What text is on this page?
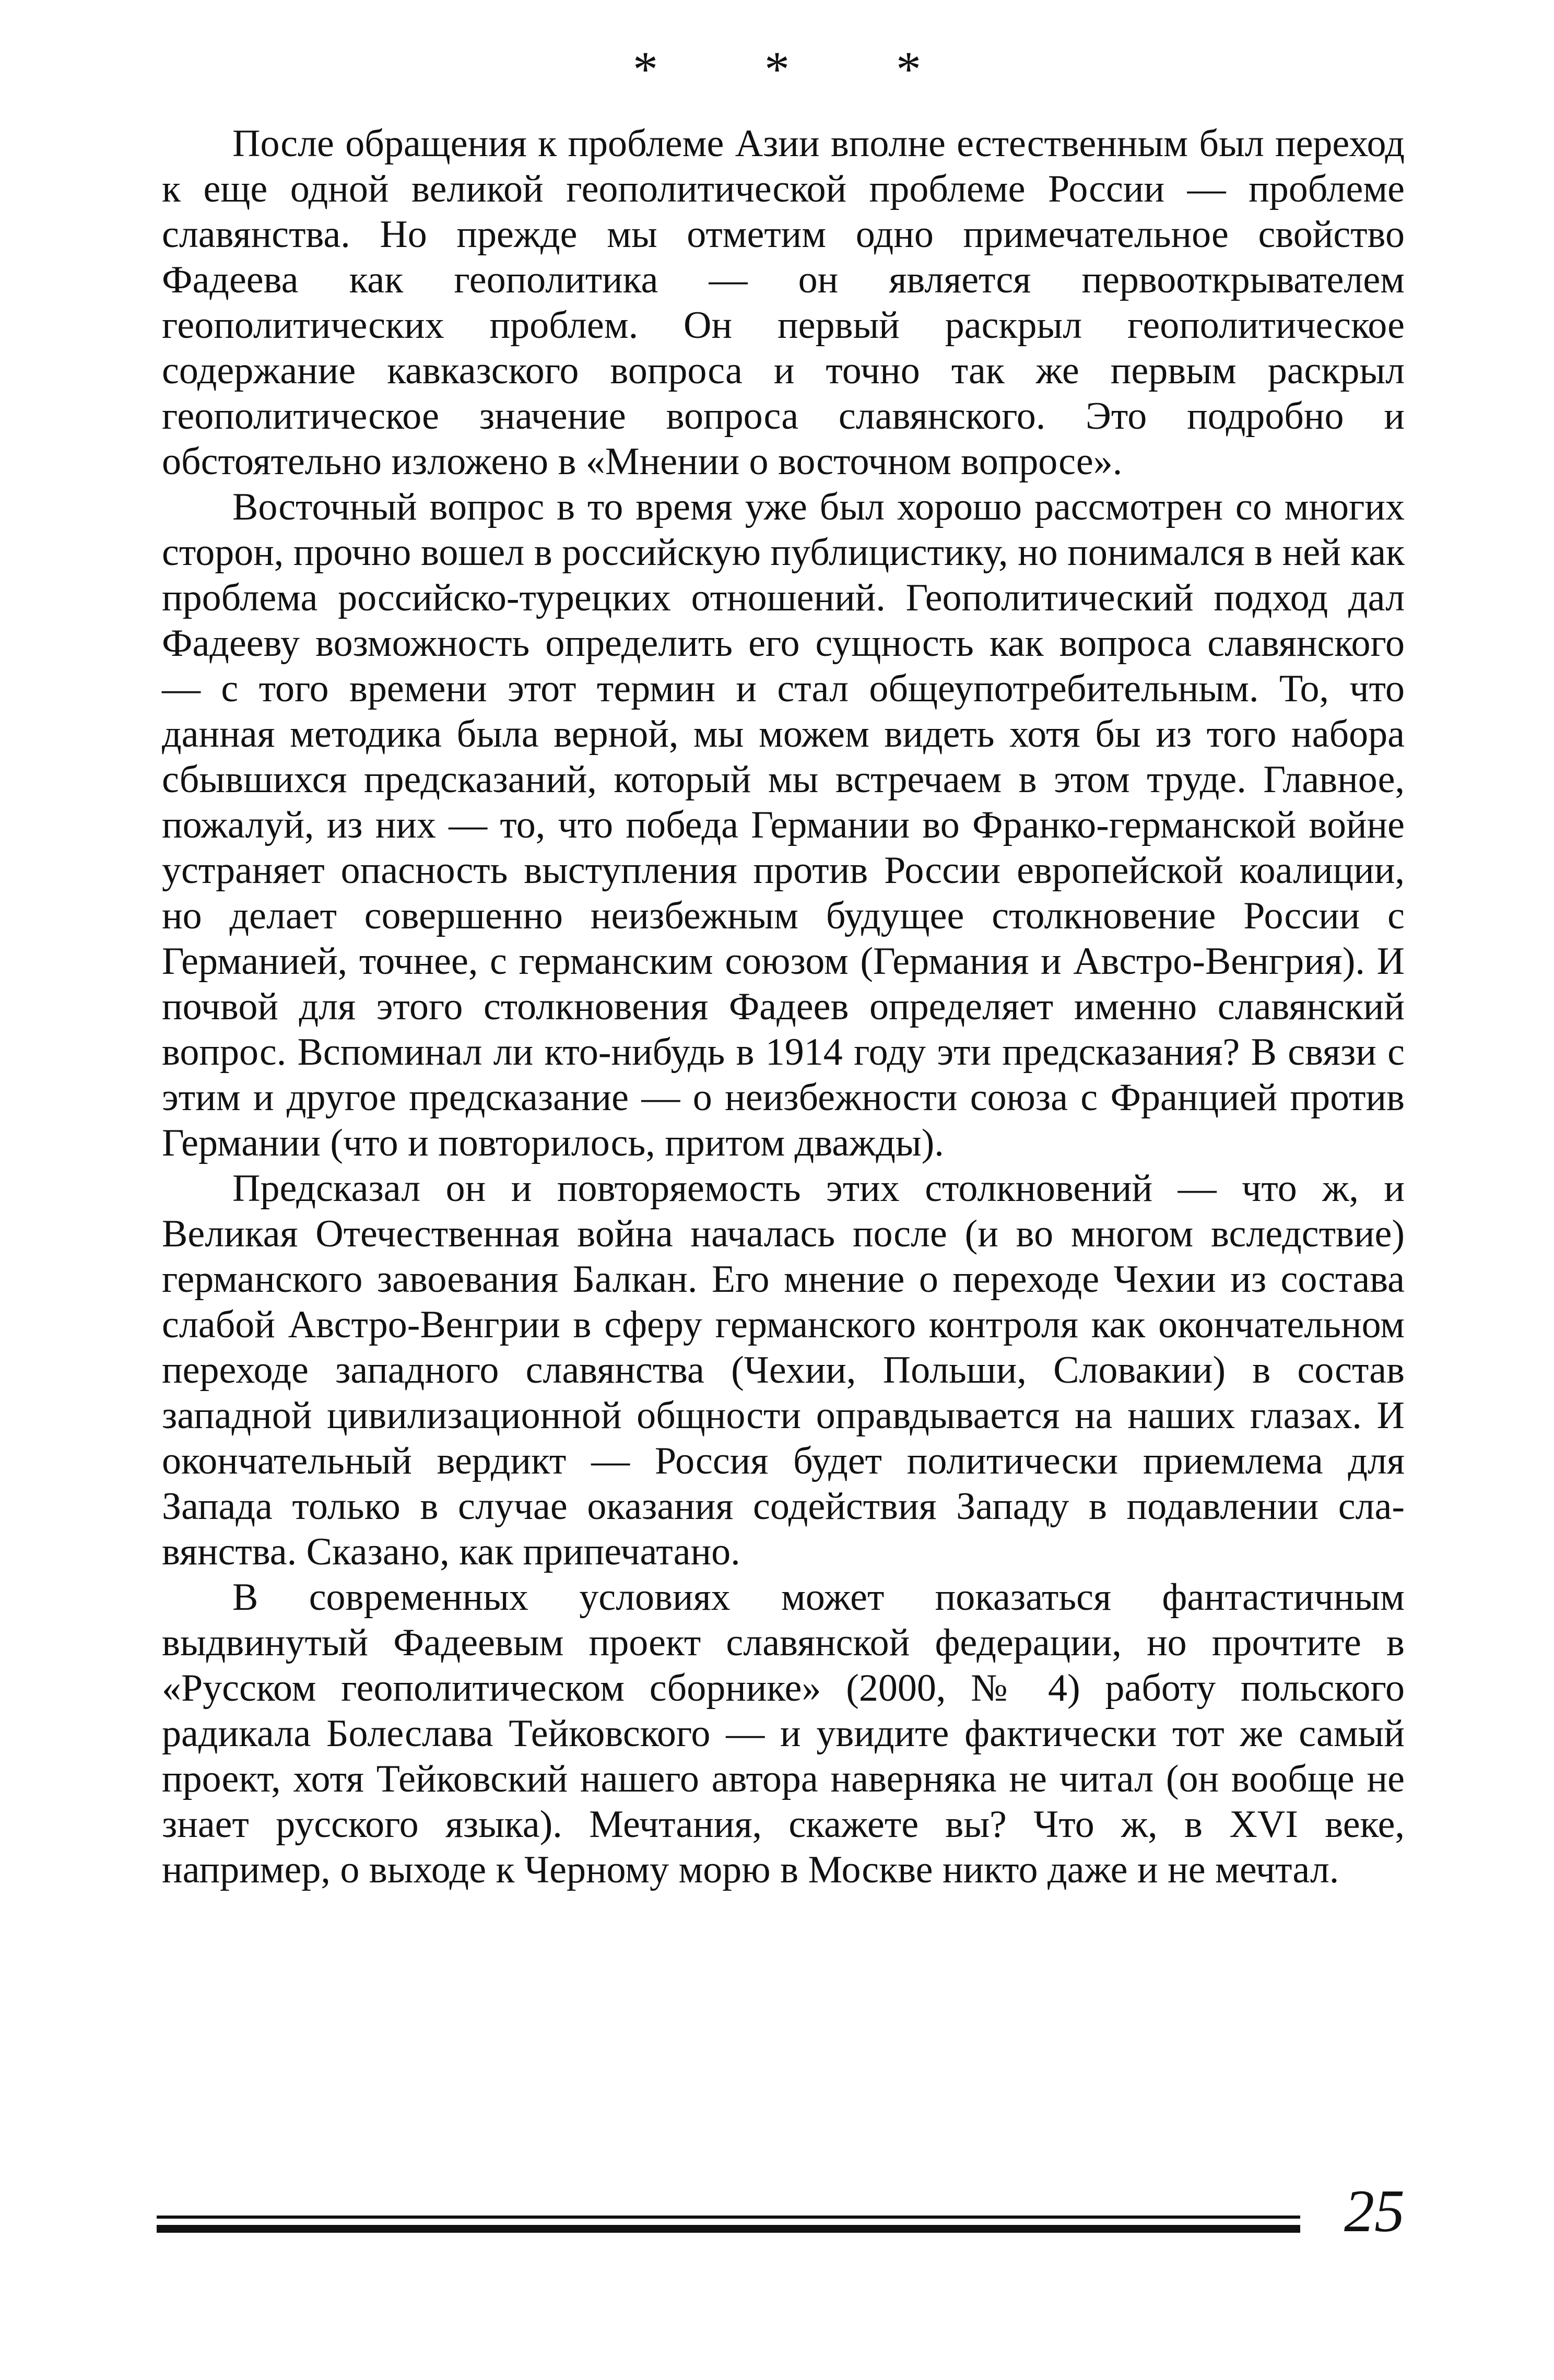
* * *

После обращения к проблеме Азии вполне естественным был переход к еще одной великой геополитической проблеме России — проблеме славянства. Но прежде мы отметим одно примечательное свойство Фадеева как геополитика — он является первооткрывателем геополитических проблем. Он первый раскрыл геополитическое содержание кавказского вопроса и точно так же первым раскрыл геополитическое значение вопроса славянского. Это подробно и обстоятельно изложено в «Мнении о восточном вопросе».

Восточный вопрос в то время уже был хорошо рассмотрен со многих сторон, прочно вошел в российскую публицистику, но понимался в ней как проблема российско-турецких отношений. Геополитический подход дал Фадееву возможность определить его сущность как вопроса славянского — с того времени этот термин и стал общеупотребительным. То, что данная методика была верной, мы можем видеть хотя бы из того набора сбывшихся предсказаний, который мы встречаем в этом труде. Главное, пожалуй, из них — то, что победа Германии во Франко-германской войне устраняет опасность выступления против России европейской коалиции, но делает совершенно неизбежным будущее столкновение России с Германией, точнее, с германским союзом (Германия и Австро-Венгрия). И почвой для этого столкновения Фадеев определяет именно славянский вопрос. Вспоминал ли кто-нибудь в 1914 году эти предсказания? В связи с этим и другое предсказание — о неизбежности союза с Францией против Германии (что и повторилось, притом дважды).

Предсказал он и повторяемость этих столкновений — что ж, и Великая Отечественная война началась после (и во многом вследствие) германского завоевания Балкан. Его мнение о переходе Чехии из состава слабой Австро-Венгрии в сферу германского контроля как окончательном переходе западного славянства (Чехии, Польши, Словакии) в состав западной цивилизационной общности оправдывается на наших глазах. И окончательный вердикт — Россия будет политически приемлема для Запада только в случае оказания содействия Западу в подавлении славянства. Сказано, как припечатано.

В современных условиях может показаться фантастичным выдвинутый Фадеевым проект славянской федерации, но прочтите в «Русском геополитическом сборнике» (2000, № 4) работу польского радикала Болеслава Тейковского — и увидите фактически тот же самый проект, хотя Тейковский нашего автора наверняка не читал (он вообще не знает русского языка). Мечтания, скажете вы? Что ж, в XVI веке, например, о выходе к Черному морю в Москве никто даже и не мечтал.

25
